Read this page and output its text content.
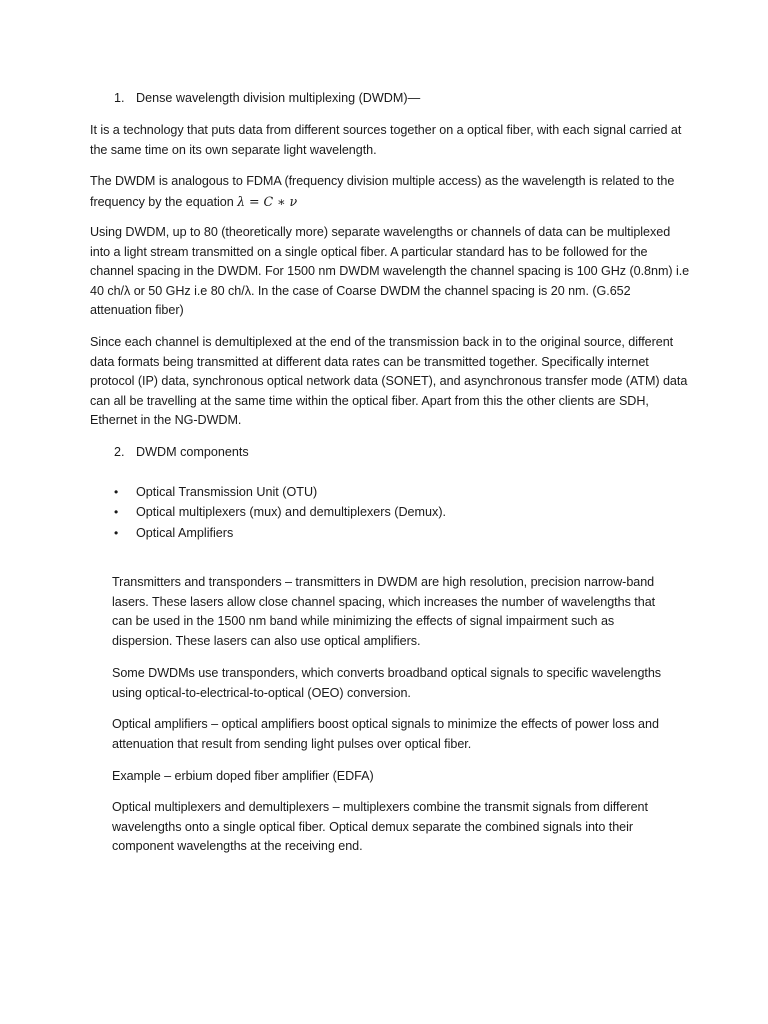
1. Dense wavelength division multiplexing (DWDM)—

It is a technology that puts data from different sources together on a optical fiber, with each signal carried at the same time on its own separate light wavelength.

The DWDM is analogous to FDMA (frequency division multiple access) as the wavelength is related to the frequency by the equation λ = C ∗ ν

Using DWDM, up to 80 (theoretically more) separate wavelengths or channels of data can be multiplexed into a light stream transmitted on a single optical fiber. A particular standard has to be followed for the channel spacing in the DWDM. For 1500 nm DWDM wavelength the channel spacing is 100 GHz (0.8nm) i.e 40 ch/λ or 50 GHz i.e 80 ch/λ. In the case of Coarse DWDM the channel spacing is 20 nm. (G.652 attenuation fiber)

Since each channel is demultiplexed at the end of the transmission back in to the original source, different data formats being transmitted at different data rates can be transmitted together. Specifically internet protocol (IP) data, synchronous optical network data (SONET), and asynchronous transfer mode (ATM) data can all be travelling at the same time within the optical fiber. Apart from this the other clients are SDH, Ethernet in the NG-DWDM.

2. DWDM components

• Optical Transmission Unit (OTU)
• Optical multiplexers (mux) and demultiplexers (Demux).
• Optical Amplifiers

Transmitters and transponders – transmitters in DWDM are high resolution, precision narrow-band lasers. These lasers allow close channel spacing, which increases the number of wavelengths that can be used in the 1500 nm band while minimizing the effects of signal impairment such as dispersion. These lasers can also use optical amplifiers.

Some DWDMs use transponders, which converts broadband optical signals to specific wavelengths using optical-to-electrical-to-optical (OEO) conversion.

Optical amplifiers – optical amplifiers boost optical signals to minimize the effects of power loss and attenuation that result from sending light pulses over optical fiber.

Example – erbium doped fiber amplifier (EDFA)

Optical multiplexers and demultiplexers – multiplexers combine the transmit signals from different wavelengths onto a single optical fiber. Optical demux separate the combined signals into their component wavelengths at the receiving end.
